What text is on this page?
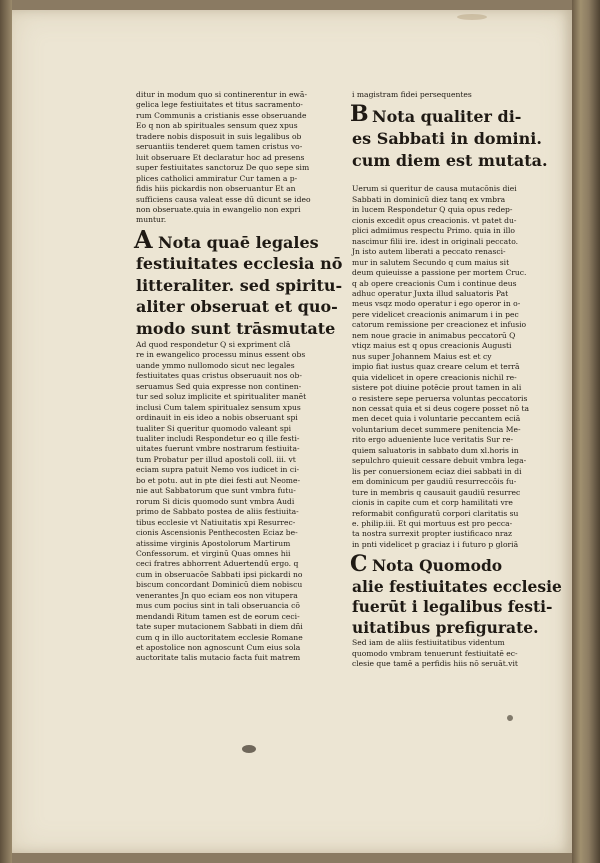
ditur in modum quo si continerentur in ewã-

gelica lege festiuitates et titus sacramento-

rum Communis a cristianis esse obseruande

Eo q non ab spirituales sensum quez xpus

tradere nobis disposuit in suis legalibus ob

seruantiis tenderet quem tamen cristus vo-

luit obseruare Et declaratur hoc ad presens

super festiuitates sanctoruz De quo sepe sim

plices catholici ammiratur Cur tamen a p-

fidis hiis pickardis non obseruantur Et an

sufficiens causa valeat esse dū dicunt se ideo

non obseruate.quia in ewangelio non expri

muntur.

A Nota quaē legales

festiuitates ecclesia nō

litteraliter. sed spiritu-

aliter obseruat et quo-

modo sunt trāsmutate

Ad quod respondetur Q si expriment clā

re in ewangelico processu minus essent obs

uande ymmo nullomodo sicut nec legales

festiuitates quas cristus obseruauit nos ob-

seruamus Sed quia expresse non continen-

tur sed soluz implicite et spiritualiter manēt

inclusi Cum talem spiritualez sensum xpus

ordinauit in eis ideo a nobis obseruant spi

tualiter Si queritur quomodo valeant spi

tualiter includi Respondetur eo q ille festi-

uitates fuerunt vmbre nostrarum festiuita-

tum Probatur per illud apostoli coll. iii. vt

eciam supra patuit Nemo vos iudicet in ci-

bo et potu. aut in pte diei festi aut Neome-

nie aut Sabbatorum que sunt vmbra futu-

rorum Si dicis quomodo sunt vmbra Audi

primo de Sabbato postea de aliis festiuita-

tibus ecclesie vt Natiuitatis xpi Resurrec-

cionis Ascensionis Penthecosten Eciaz be-

atissime virginis Apostolorum Martirum

Confessorum. et virginū Quas omnes hii

ceci fratres abhorrent Aduertendū ergo. q

cum in obseruacōe Sabbati ipsi pickardi no

biscum concordant Dominicū diem nobiscu

venerantes Jn quo eciam eos non vitupera

mus cum pocius sint in tali obseruancia cō

mendandi Ritum tamen est de eorum ceci-

tate super mutacionem Sabbati in diem dñi

cum q in illo auctoritatem ecclesie Romane

et apostolice non agnoscunt Cum eius sola

auctoritate talis mutacio facta fuit matrem

i magistram fidei persequentes

B Nota qualiter di-

es Sabbati in domini.

cum diem est mutata.

Uerum si queritur de causa mutacōnis diei

Sabbati in dominicū diez tanq ex vmbra

in lucem Respondetur Q quia opus redep-

cionis excedit opus creacionis. vt patet du-

plici admiimus respectu Primo. quia in illo

nascimur filii ire. idest in originali peccato.

Jn isto autem liberati a peccato renasci-

mur in salutem Secundo q cum maius sit

deum quieuisse a passione per mortem Cruc.

q ab opere creacionis Cum i continue deus

adhuc operatur Juxta illud saluatoris Pat

meus vsqz modo operatur i ego operor in o-

pere videlicet creacionis animarum i in pec

catorum remissione per creacionez et infusio

nem noue gracie in animabus peccatorū Q

vtiqz maius est q opus creacionis Augusti

nus super Johannem Maius est et cy

impio fiat iustus quaz creare celum et terrā

quia videlicet in opere creacionis nichil re-

sistere pot diuine potēcie prout tamen in ali

o resistere sepe peruersa voluntas peccatoris

non cessat quia et si deus cogere posset nō ta

men decet quia i voluntarie peccantem eciā

voluntarium decet summere penitencia Me-

rito ergo adueniente luce veritatis Sur re-

quiem saluatoris in sabbato dum xl.horis in

sepulchro quieuit cessare debuit vmbra lega-

lis per conuersionem eciaz diei sabbati in di

em dominicum per gaudiū resurreccōis fu-

ture in membris q causauit gaudiū resurrec

cionis in capite cum et corp hamilitati vre

reformabit configuratū corpori claritatis su

e. philip.iii. Et qui mortuus est pro pecca-

ta nostra surrexit propter iustificaco nraz

in pnti videlicet p graciaz i i futuro p gloriā

C Nota Quomodo

alie festiuitates ecclesie

fuerūt i legalibus festi-

uitatibus prefigurate.

Sed iam de aliis festiuitatibus videntum

quomodo vmbram tenuerunt festiuitatē ec-

clesie que tamē a perfidis hiis nō seruāt.vit
